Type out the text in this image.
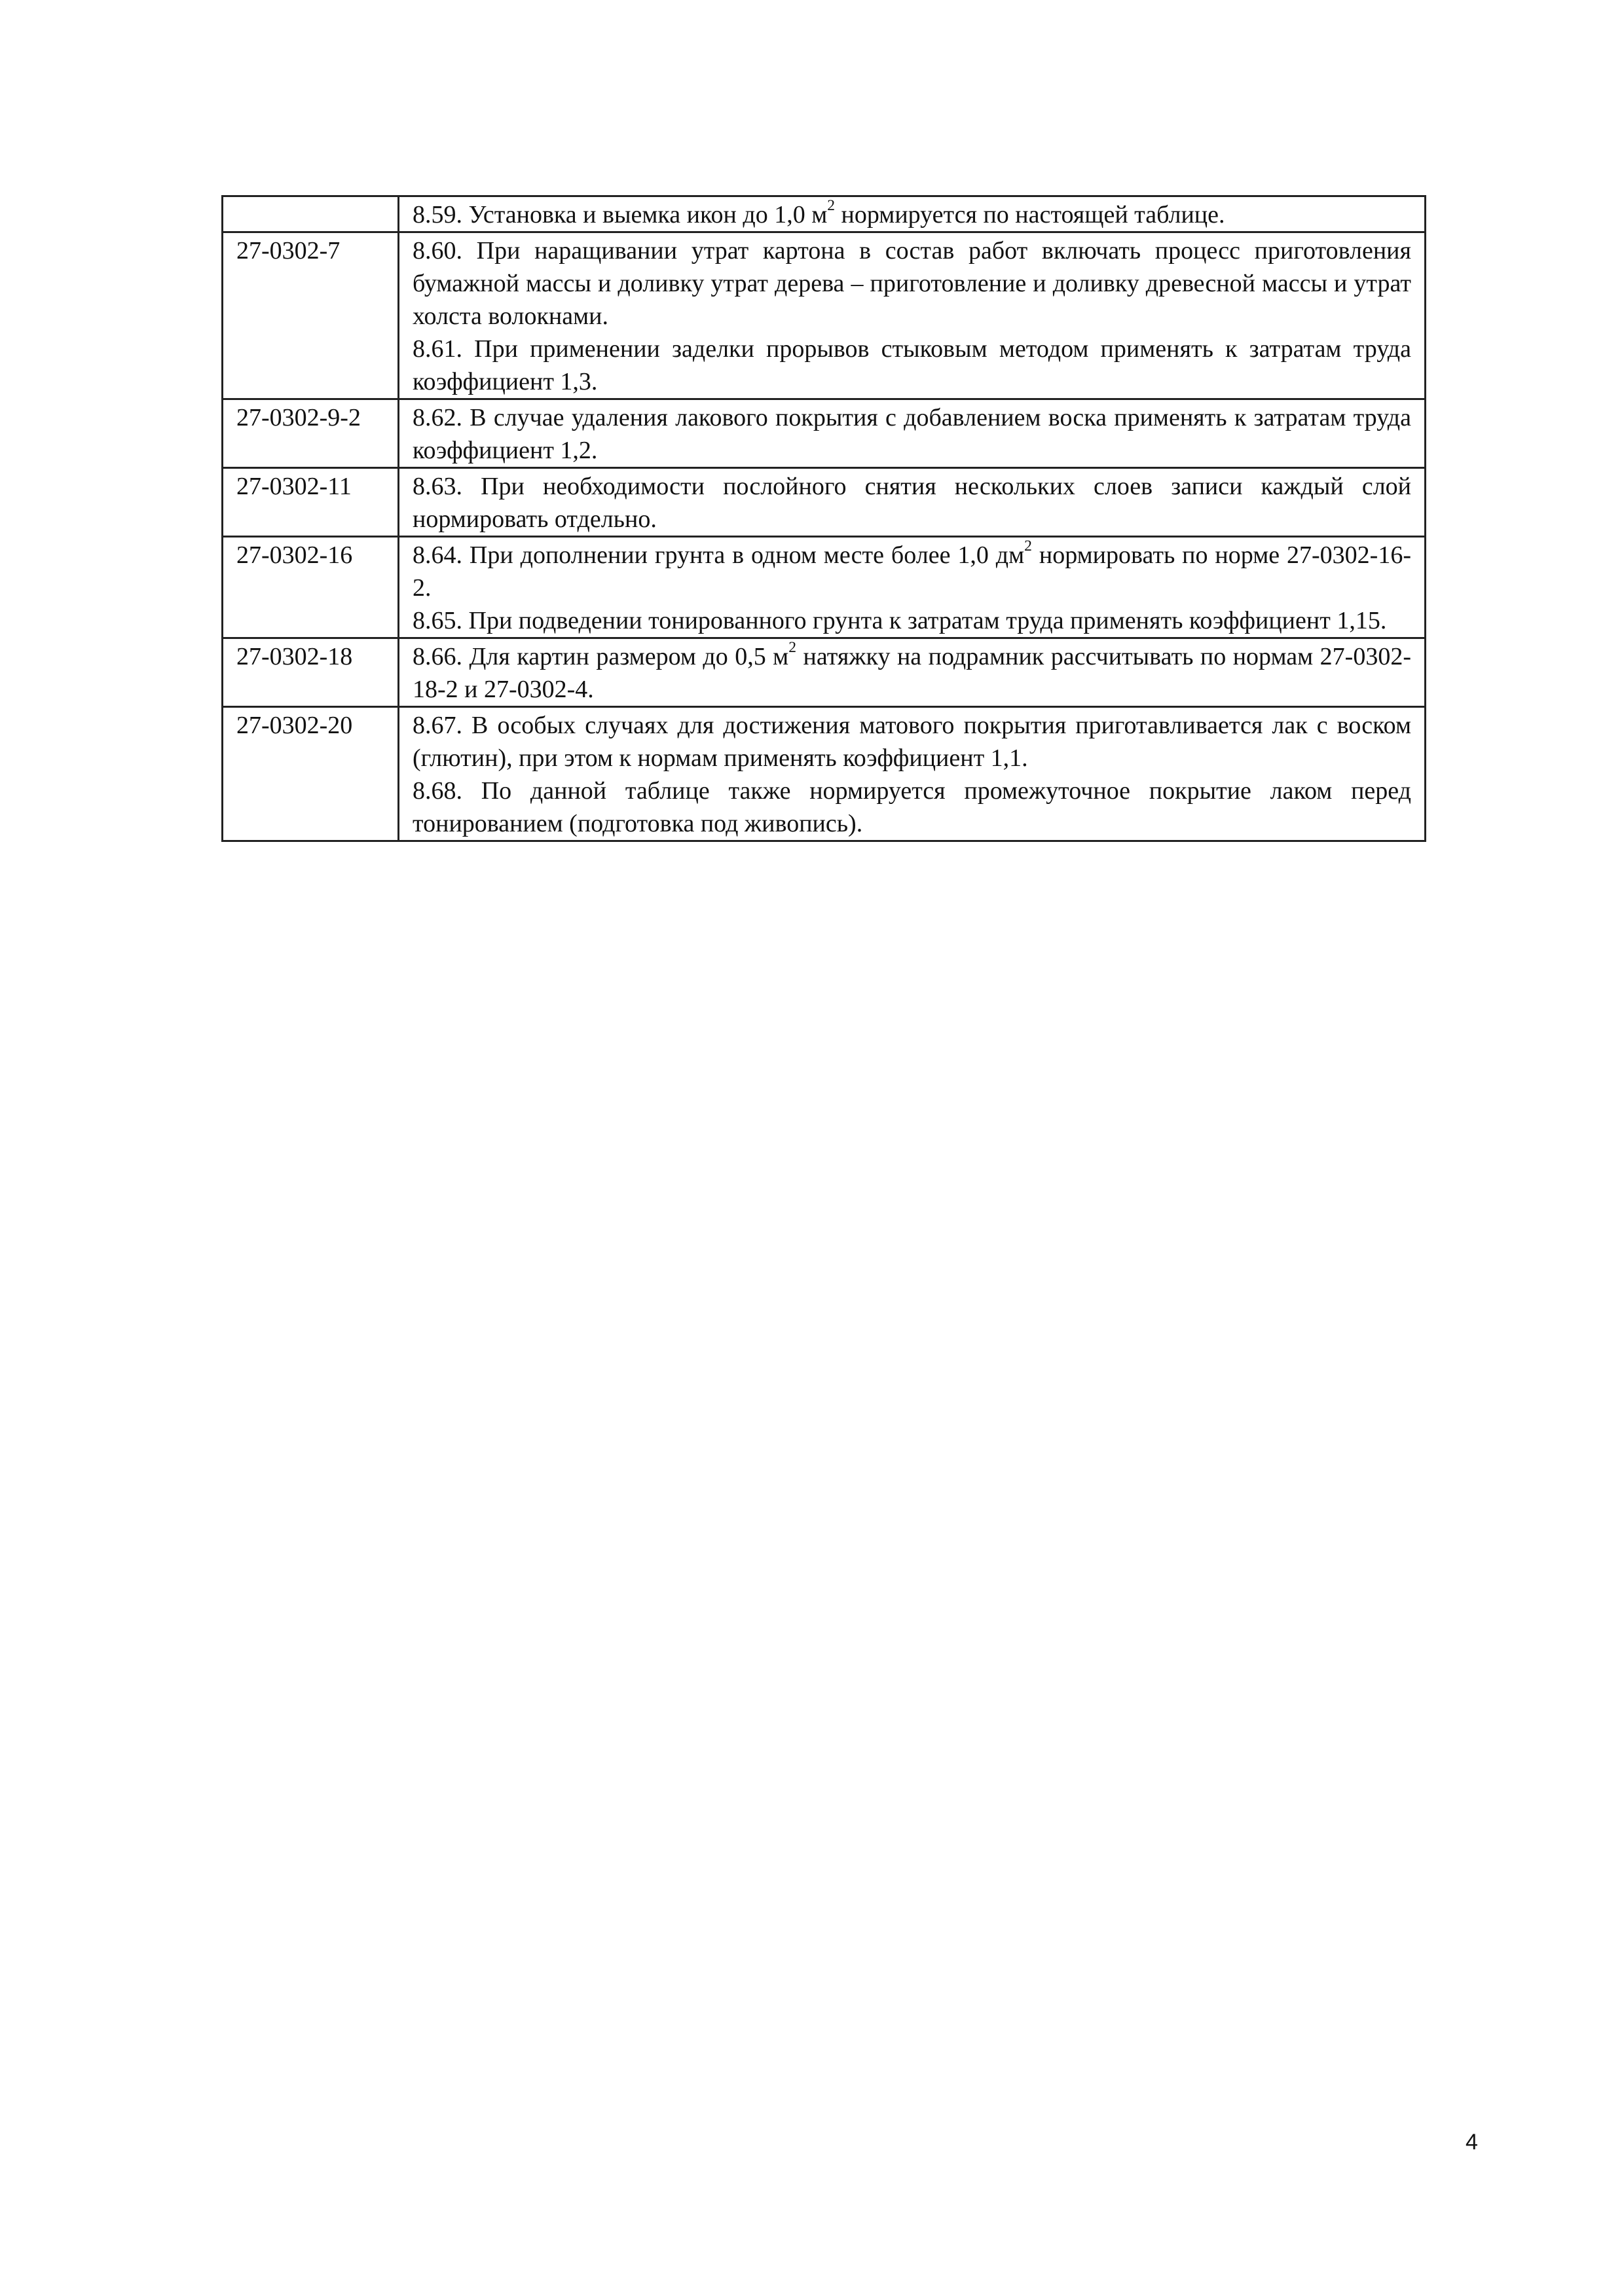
	8.59. Установка и выемка икон до 1,0 $м^2$ нормируется по настоящей таблице.

27-0302-7	8.60. При наращивании утрат картона в состав работ включать процесс приготовления бумажной массы и доливку утрат дерева – приготовление и доливку древесной массы и утрат холста волокнами.
8.61. При применении заделки прорывов стыковым методом применять к затратам труда коэффициент 1,3.

27-0302-9-2	8.62. В случае удаления лакового покрытия с добавлением воска применять к затратам труда коэффициент 1,2.

27-0302-11	8.63. При необходимости послойного снятия нескольких слоев записи каждый слой нормировать отдельно.

27-0302-16	8.64. При дополнении грунта в одном месте более 1,0 $дм^2$ нормировать по норме 27-0302-16-2.
8.65. При подведении тонированного грунта к затратам труда применять коэффициент 1,15.

27-0302-18	8.66. Для картин размером до 0,5 $м^2$ натяжку на подрамник рассчитывать по нормам 27-0302-18-2 и 27-0302-4.

27-0302-20	8.67. В особых случаях для достижения матового покрытия приготавливается лак с воском (глютин), при этом к нормам применять коэффициент 1,1.
8.68. По данной таблице также нормируется промежуточное покрытие лаком перед тонированием (подготовка под живопись).
4
